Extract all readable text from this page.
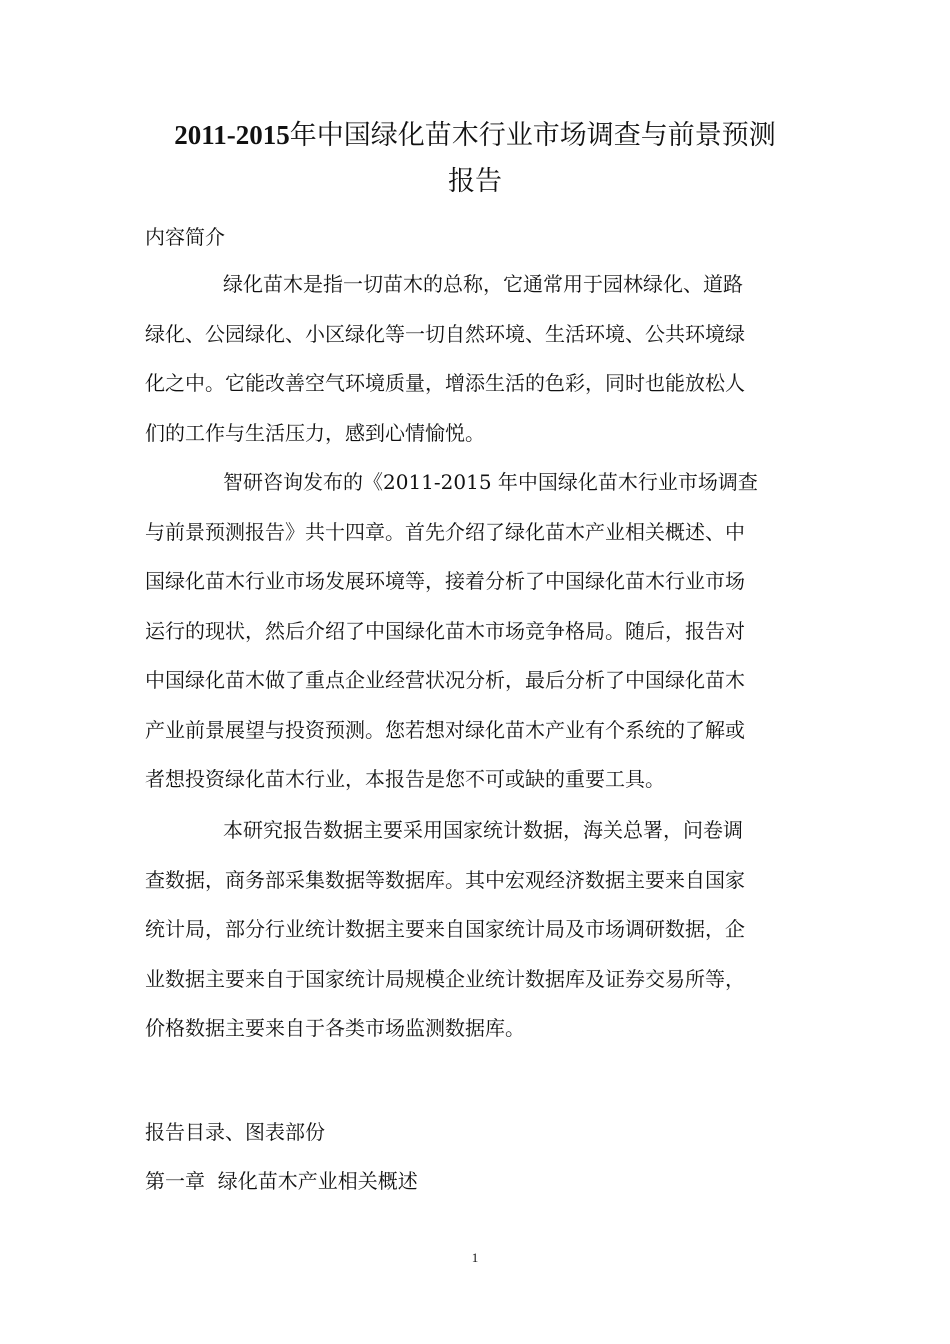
2011-2015年中国绿化苗木行业市场调查与前景预测
报告

内容简介

绿化苗木是指一切苗木的总称，它通常用于园林绿化、道路
绿化、公园绿化、小区绿化等一切自然环境、生活环境、公共环境绿
化之中。它能改善空气环境质量，增添生活的色彩，同时也能放松人
们的工作与生活压力，感到心情愉悦。
智研咨询发布的《2011-2015 年中国绿化苗木行业市场调查
与前景预测报告》共十四章。首先介绍了绿化苗木产业相关概述、中
国绿化苗木行业市场发展环境等，接着分析了中国绿化苗木行业市场
运行的现状，然后介绍了中国绿化苗木市场竞争格局。随后，报告对
中国绿化苗木做了重点企业经营状况分析，最后分析了中国绿化苗木
产业前景展望与投资预测。您若想对绿化苗木产业有个系统的了解或
者想投资绿化苗木行业，本报告是您不可或缺的重要工具。
本研究报告数据主要采用国家统计数据，海关总署，问卷调
查数据，商务部采集数据等数据库。其中宏观经济数据主要来自国家
统计局，部分行业统计数据主要来自国家统计局及市场调研数据，企
业数据主要来自于国家统计局规模企业统计数据库及证券交易所等，
价格数据主要来自于各类市场监测数据库。

报告目录、图表部份

第一章  绿化苗木产业相关概述

1
